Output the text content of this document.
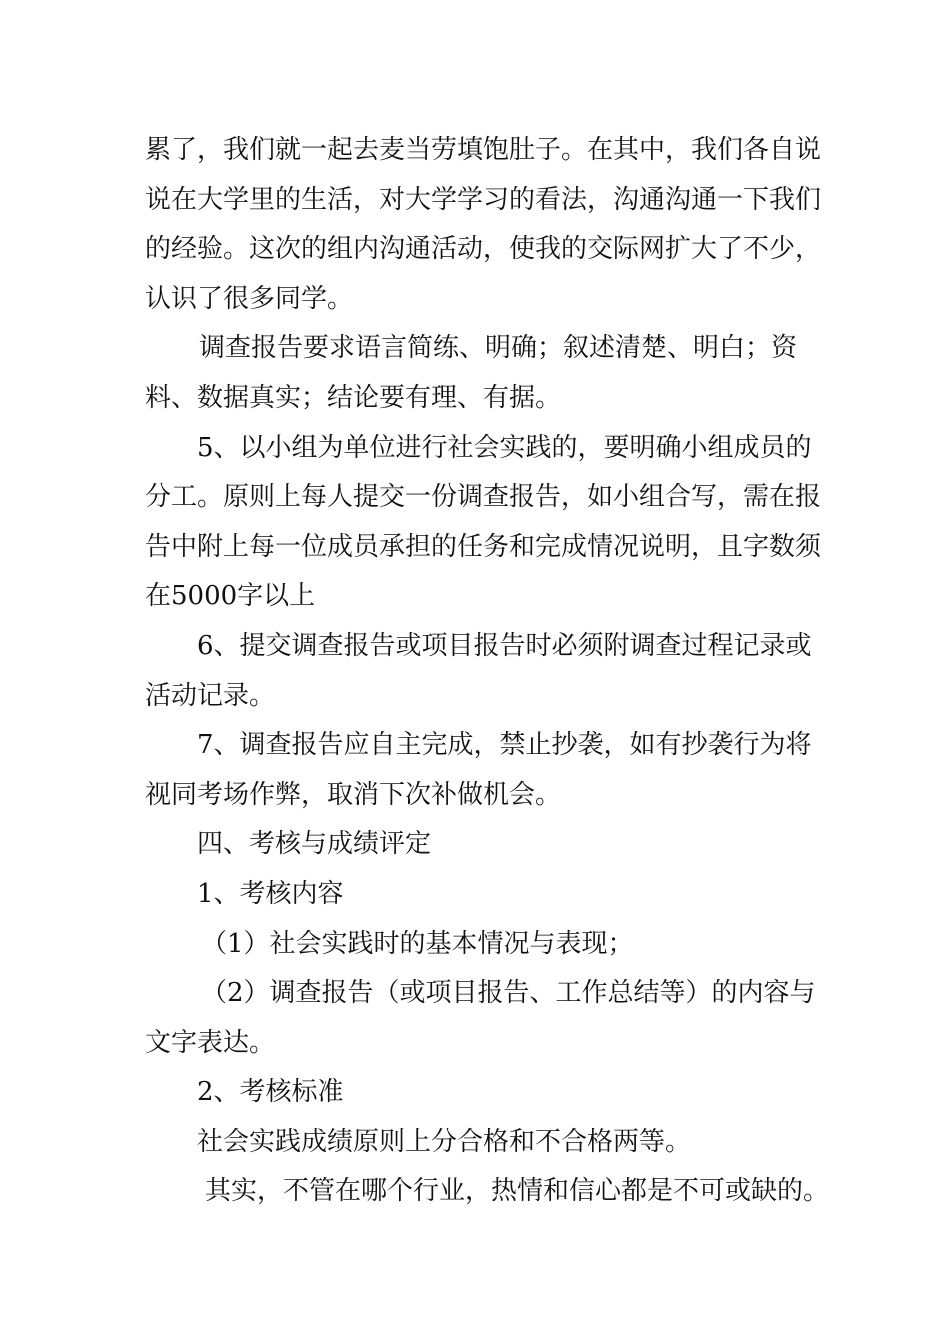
累了，我们就一起去麦当劳填饱肚子。在其中，我们各自说说在大学里的生活，对大学学习的看法，沟通沟通一下我们的经验。这次的组内沟通活动，使我的交际网扩大了不少，认识了很多同学。

调查报告要求语言简练、明确；叙述清楚、明白；资料、数据真实；结论要有理、有据。

5、以小组为单位进行社会实践的，要明确小组成员的分工。原则上每人提交一份调查报告，如小组合写，需在报告中附上每一位成员承担的任务和完成情况说明，且字数须在5000字以上

6、提交调查报告或项目报告时必须附调查过程记录或活动记录。

7、调查报告应自主完成，禁止抄袭，如有抄袭行为将视同考场作弊，取消下次补做机会。

四、考核与成绩评定

1、考核内容

（1）社会实践时的基本情况与表现；

（2）调查报告（或项目报告、工作总结等）的内容与文字表达。

2、考核标准

社会实践成绩原则上分合格和不合格两等。

其实，不管在哪个行业，热情和信心都是不可或缺的。
